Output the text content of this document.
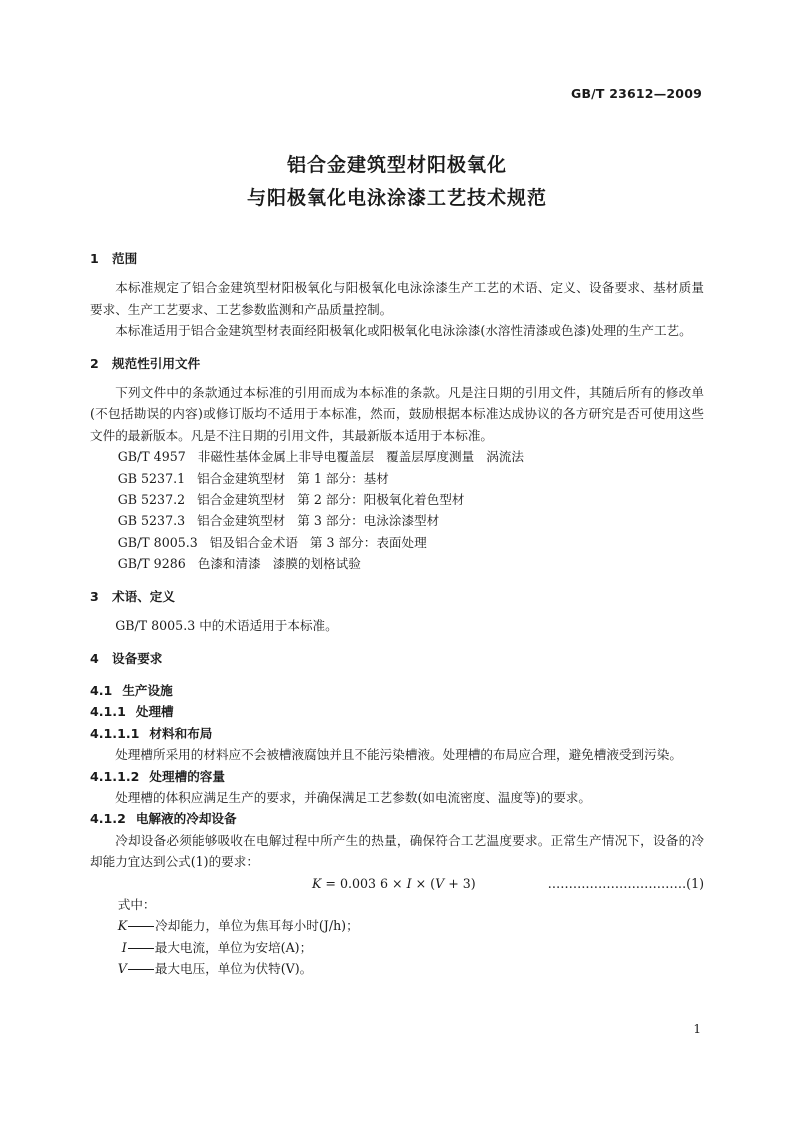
GB/T 23612—2009
铝合金建筑型材阳极氧化
与阳极氧化电泳涂漆工艺技术规范
1 范围

本标准规定了铝合金建筑型材阳极氧化与阳极氧化电泳涂漆生产工艺的术语、定义、设备要求、基材质量要求、生产工艺要求、工艺参数监测和产品质量控制。

本标准适用于铝合金建筑型材表面经阳极氧化或阳极氧化电泳涂漆(水溶性清漆或色漆)处理的生产工艺。

2 规范性引用文件

下列文件中的条款通过本标准的引用而成为本标准的条款。凡是注日期的引用文件，其随后所有的修改单(不包括勘误的内容)或修订版均不适用于本标准，然而，鼓励根据本标准达成协议的各方研究是否可使用这些文件的最新版本。凡是不注日期的引用文件，其最新版本适用于本标准。

GB/T 4957   非磁性基体金属上非导电覆盖层   覆盖层厚度测量   涡流法
GB 5237.1   铝合金建筑型材   第 1 部分：基材
GB 5237.2   铝合金建筑型材   第 2 部分：阳极氧化着色型材
GB 5237.3   铝合金建筑型材   第 3 部分：电泳涂漆型材
GB/T 8005.3   铝及铝合金术语   第 3 部分：表面处理
GB/T 9286   色漆和清漆   漆膜的划格试验
3 术语、定义

GB/T 8005.3 中的术语适用于本标准。

4 设备要求
4.1 生产设施
4.1.1 处理槽
4.1.1.1 材料和布局

处理槽所采用的材料应不会被槽液腐蚀并且不能污染槽液。处理槽的布局应合理，避免槽液受到污染。

4.1.1.2 处理槽的容量

处理槽的体积应满足生产的要求，并确保满足工艺参数(如电流密度、温度等)的要求。

4.1.2 电解液的冷却设备

冷却设备必须能够吸收在电解过程中所产生的热量，确保符合工艺温度要求。正常生产情况下，设备的冷却能力宜达到公式(1)的要求：

K = 0.003 6 × I × (V + 3)	……………………………(1)
式中：
K 冷却能力，单位为焦耳每小时(J/h)；
I 最大电流，单位为安培(A)；
V 最大电压，单位为伏特(V)。
1
